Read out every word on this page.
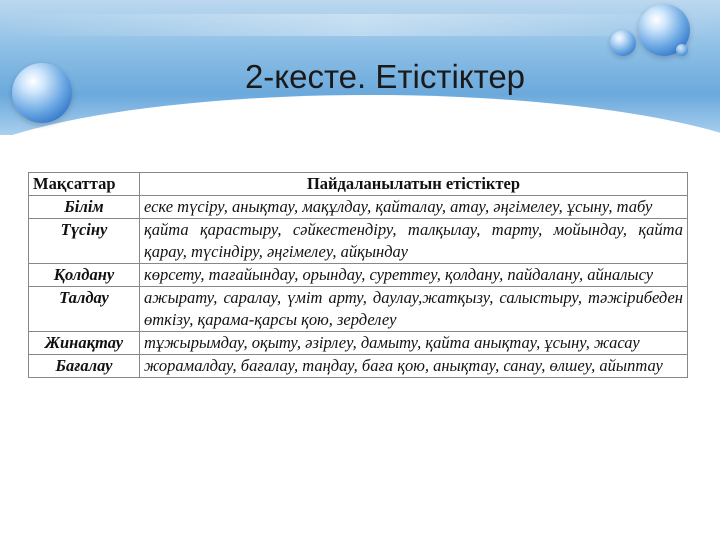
2-кесте. Етістіктер
Мақсаттар	Пайдаланылатын етістіктер
Білім	еске түсіру, анықтау, мақұлдау, қайталау, атау, әңгімелеу, ұсыну, табу
Түсіну	қайта қарастыру, сәйкестендіру, талқылау, тарту, мойындау, қайта қарау, түсіндіру, әңгімелеу, айқындау
Қолдану	көрсету, тағайындау, орындау, суреттеу, қолдану, пайдалану, айналысу
Талдау	ажырату, саралау, үміт арту, даулау,жатқызу, салыстыру, тәжірибеден өткізу, қарама-қарсы қою, зерделеу
Жинақтау	тұжырымдау, оқыту, әзірлеу, дамыту, қайта анықтау, ұсыну, жасау
Бағалау	жорамалдау, бағалау, таңдау, баға қою, анықтау, санау, өлшеу, айыптау
